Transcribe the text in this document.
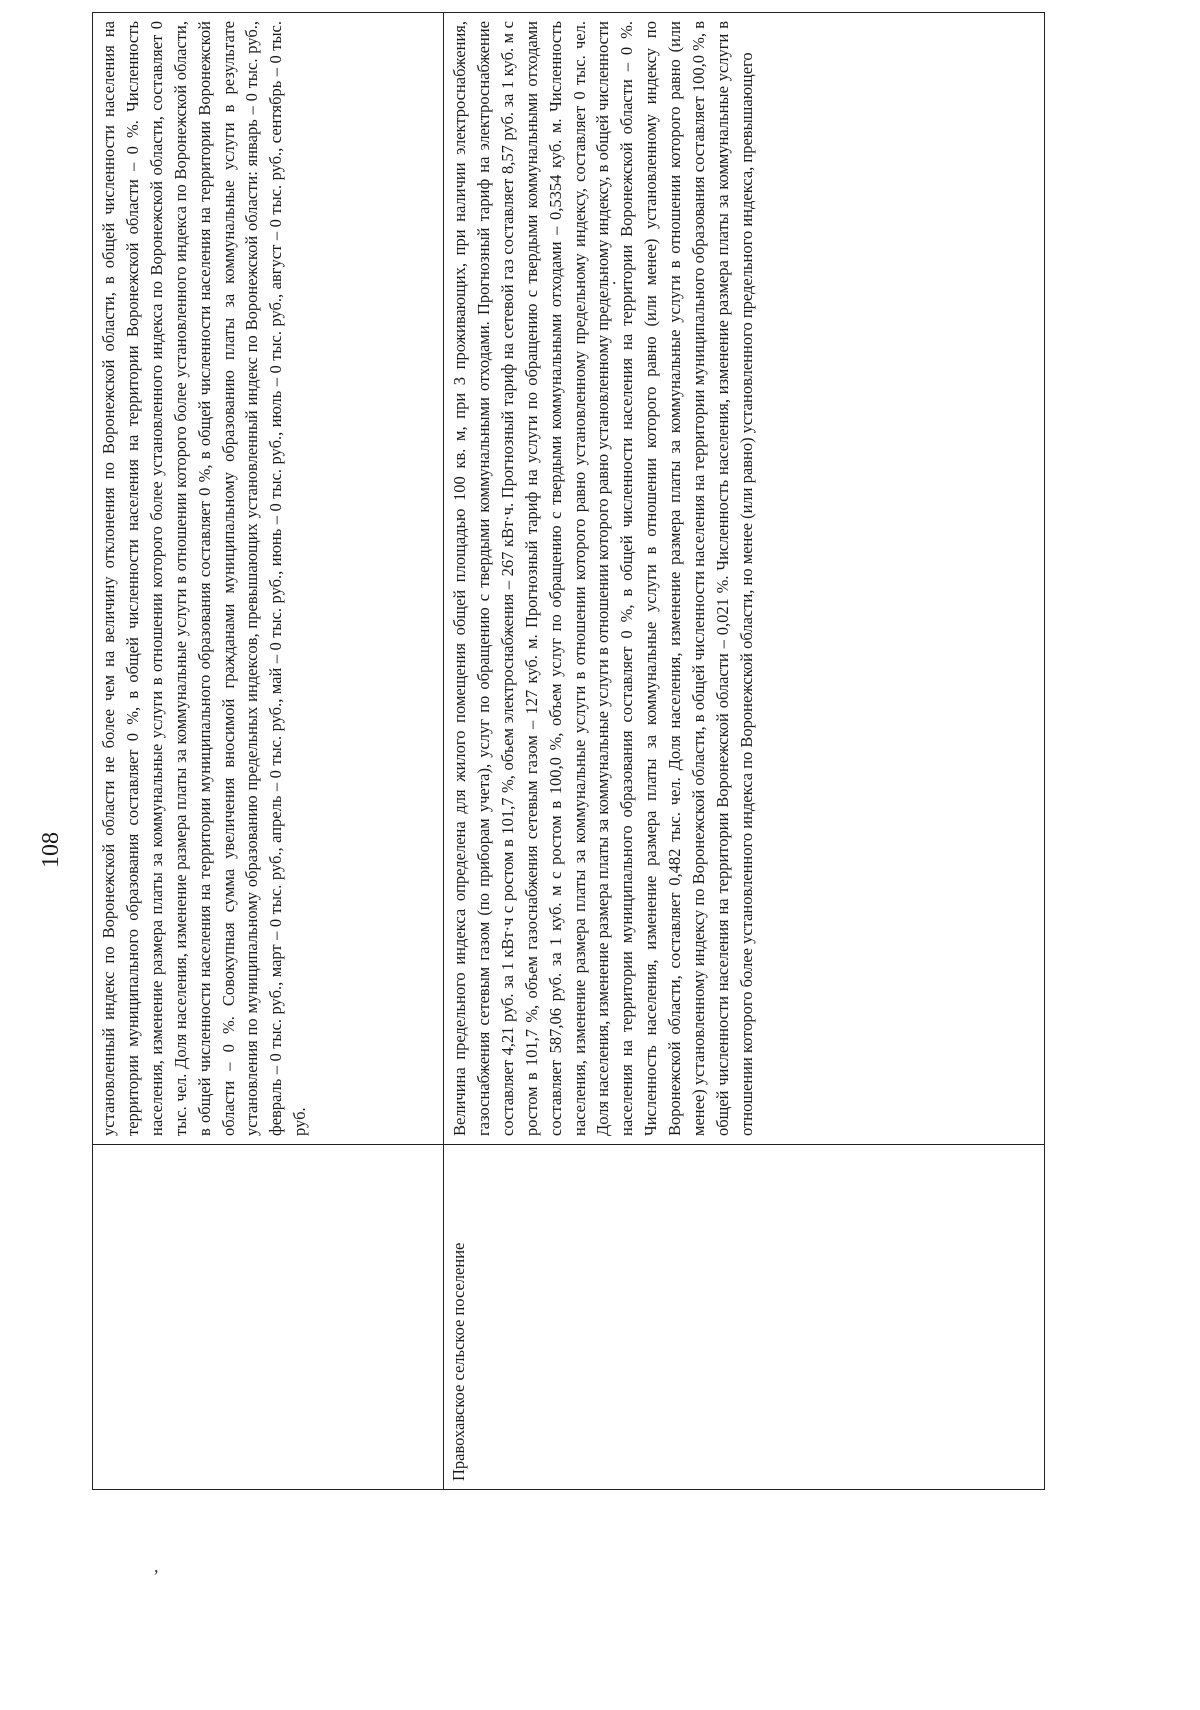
108
	установленный индекс по Воронежской области не более чем на величину отклонения по Воронежской области, в общей численности населения на территории муниципального образования составляет 0 %, в общей численности населения на территории Воронежской области – 0 %. Численность населения, изменение размера платы за коммунальные услуги в отношении которого более установленного индекса по Воронежской области, составляет 0 тыс. чел. Доля населения, изменение размера платы за коммунальные услуги в отношении которого более установленного индекса по Воронежской области, в общей численности населения на территории муниципального образования составляет 0 %, в общей численности населения на территории Воронежской области – 0 %. Совокупная сумма увеличения вносимой гражданами муниципальному образованию платы за коммунальные услуги в результате установления по муниципальному образованию предельных индексов, превышающих установленный индекс по Воронежской области: январь – 0 тыс. руб., февраль – 0 тыс. руб., март – 0 тыс. руб., апрель – 0 тыс. руб., май – 0 тыс. руб., июнь – 0 тыс. руб., июль – 0 тыс. руб., август – 0 тыс. руб., сентябрь – 0 тыс. руб.
Правохавское сельское поселение	Величина предельного индекса определена для жилого помещения общей площадью 100 кв. м, при 3 проживающих, при наличии электроснабжения, газоснабжения сетевым газом (по приборам учета), услуг по обращению с твердыми коммунальными отходами. Прогнозный тариф на электроснабжение составляет 4,21 руб. за 1 кВт·ч с ростом в 101,7 %, объем электроснабжения – 267 кВт·ч. Прогнозный тариф на сетевой газ составляет 8,57 руб. за 1 куб. м с ростом в 101,7 %, объем газоснабжения сетевым газом – 127 куб. м. Прогнозный тариф на услуги по обращению с твердыми коммунальными отходами составляет 587,06 руб. за 1 куб. м с ростом в 100,0 %, объем услуг по обращению с твердыми коммунальными отходами – 0,5354 куб. м. Численность населения, изменение размера платы за коммунальные услуги в отношении которого равно установленному предельному индексу, составляет 0 тыс. чел. Доля населения, изменение размера платы за коммунальные услуги в отношении которого равно установленному предельному индексу, в общей численности населения на территории муниципального образования составляет 0 %, в общей численности населения на территории Воронежской области – 0 %. Численность населения, изменение размера платы за коммунальные услуги в отношении которого равно (или менее) установленному индексу по Воронежской области, составляет 0,482 тыс. чел. Доля населения, изменение размера платы за коммунальные услуги в отношении которого равно (или менее) установленному индексу по Воронежской области, в общей численности населения на территории муниципального образования составляет 100,0 %, в общей численности населения на территории Воронежской области – 0,021 %. Численность населения, изменение размера платы за коммунальные услуги в отношении которого более установленного индекса по Воронежской области, но менее (или равно) установленного предельного индекса, превышающего
.
,
